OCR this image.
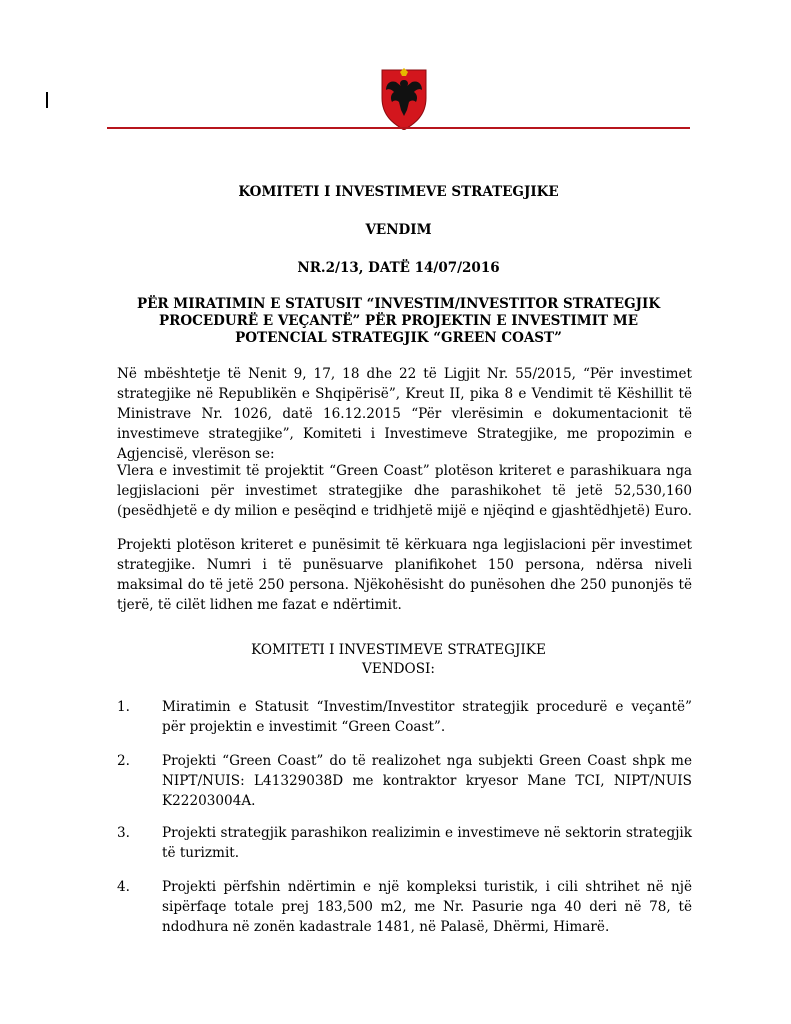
KOMITETI I INVESTIMEVE STRATEGJIKE
VENDIM
NR.2/13, DATË 14/07/2016
PËR MIRATIMIN E STATUSIT “INVESTIM/INVESTITOR STRATEGJIK PROCEDURË E VEÇANTË” PËR PROJEKTIN E INVESTIMIT ME POTENCIAL STRATEGJIK “GREEN COAST”
Në mbështetje të Nenit 9, 17, 18 dhe 22 të Ligjit Nr. 55/2015, “Për investimet strategjike në Republikën e Shqipërisë”, Kreut II, pika 8 e Vendimit të Këshillit të Ministrave Nr. 1026, datë 16.12.2015 “Për vlerësimin e dokumentacionit të investimeve strategjike”, Komiteti i Investimeve Strategjike, me propozimin e Agjencisë, vlerëson se:
Vlera e investimit të projektit “Green Coast” plotëson kriteret e parashikuara nga legjislacioni për investimet strategjike dhe parashikohet të jetë 52,530,160 (pesëdhjetë e dy milion e pesëqind e tridhjetë mijë e njëqind e gjashtëdhjetë) Euro.
Projekti plotëson kriteret e punësimit të kërkuara nga legjislacioni për investimet strategjike. Numri i të punësuarve planifikohet 150 persona, ndërsa niveli maksimal do të jetë 250 persona. Njëkohësisht do punësohen dhe 250 punonjës të tjerë, të cilët lidhen me fazat e ndërtimit.
KOMITETI I INVESTIMEVE STRATEGJIKE
VENDOSI:
1.	Miratimin e Statusit “Investim/Investitor strategjik procedurë e veçantë” për projektin e investimit “Green Coast”.
2.	Projekti “Green Coast” do të realizohet nga subjekti Green Coast shpk me NIPT/NUIS: L41329038D me kontraktor kryesor Mane TCI, NIPT/NUIS K22203004A.
3.	Projekti strategjik parashikon realizimin e investimeve në sektorin strategjik të turizmit.
4.	Projekti përfshin ndërtimin e një kompleksi turistik, i cili shtrihet në një sipërfaqe totale prej 183,500 m2, me Nr. Pasurie nga 40 deri në 78, të ndodhura në zonën kadastrale 1481, në Palasë, Dhërmi, Himarë.
